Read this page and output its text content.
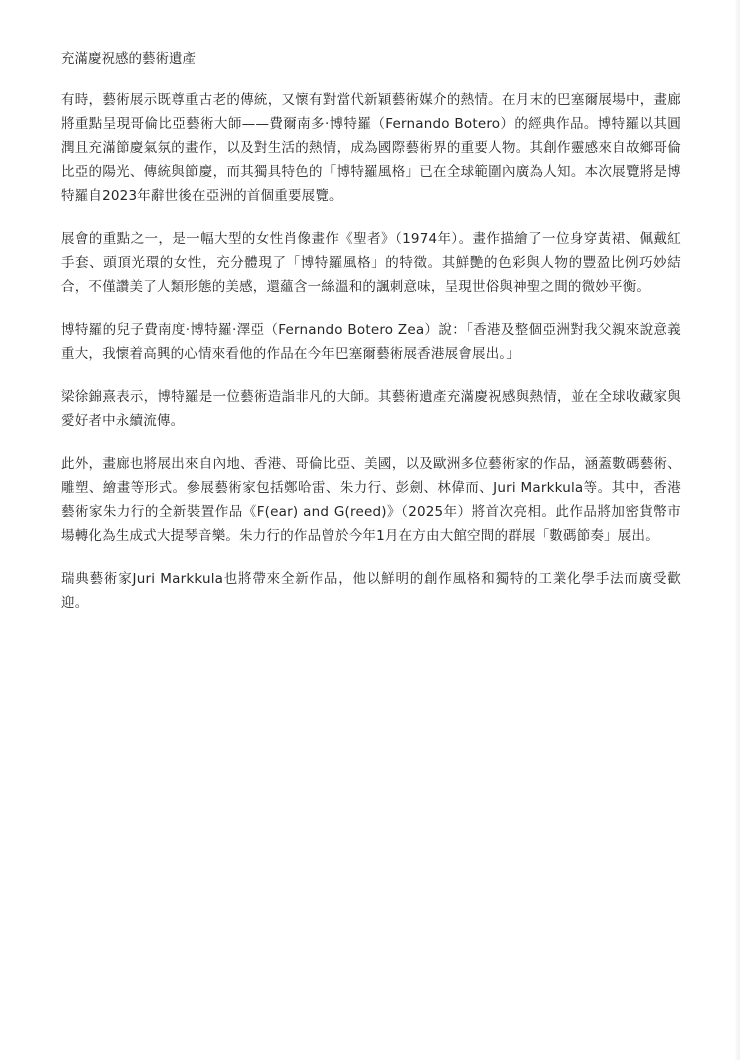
充滿慶祝感的藝術遺產

有時，藝術展示既尊重古老的傳統，又懷有對當代新穎藝術媒介的熱情。在月末的巴塞爾展場中，畫廊將重點呈現哥倫比亞藝術大師——費爾南多·博特羅（Fernando Botero）的經典作品。博特羅以其圓潤且充滿節慶氣氛的畫作，以及對生活的熱情，成為國際藝術界的重要人物。其創作靈感來自故鄉哥倫比亞的陽光、傳統與節慶，而其獨具特色的「博特羅風格」已在全球範圍內廣為人知。本次展覽將是博特羅自2023年辭世後在亞洲的首個重要展覽。

展會的重點之一，是一幅大型的女性肖像畫作《聖者》（1974年）。畫作描繪了一位身穿黃裙、佩戴紅手套、頭頂光環的女性，充分體現了「博特羅風格」的特徵。其鮮艷的色彩與人物的豐盈比例巧妙結合，不僅讚美了人類形態的美感，還蘊含一絲溫和的諷刺意味，呈現世俗與神聖之間的微妙平衡。

博特羅的兒子費南度·博特羅·澤亞（Fernando Botero Zea）說：「香港及整個亞洲對我父親來說意義重大，我懷着高興的心情來看他的作品在今年巴塞爾藝術展香港展會展出。」

梁徐錦熹表示，博特羅是一位藝術造詣非凡的大師。其藝術遺產充滿慶祝感與熱情，並在全球收藏家與愛好者中永續流傳。

此外，畫廊也將展出來自內地、香港、哥倫比亞、美國，以及歐洲多位藝術家的作品，涵蓋數碼藝術、雕塑、繪畫等形式。參展藝術家包括鄭哈雷、朱力行、彭劍、林偉而、Juri Markkula等。其中，香港藝術家朱力行的全新裝置作品《F(ear) and G(reed)》（2025年）將首次亮相。此作品將加密貨幣市場轉化為生成式大提琴音樂。朱力行的作品曾於今年1月在方由大館空間的群展「數碼節奏」展出。

瑞典藝術家Juri Markkula也將帶來全新作品，他以鮮明的創作風格和獨特的工業化學手法而廣受歡迎。
